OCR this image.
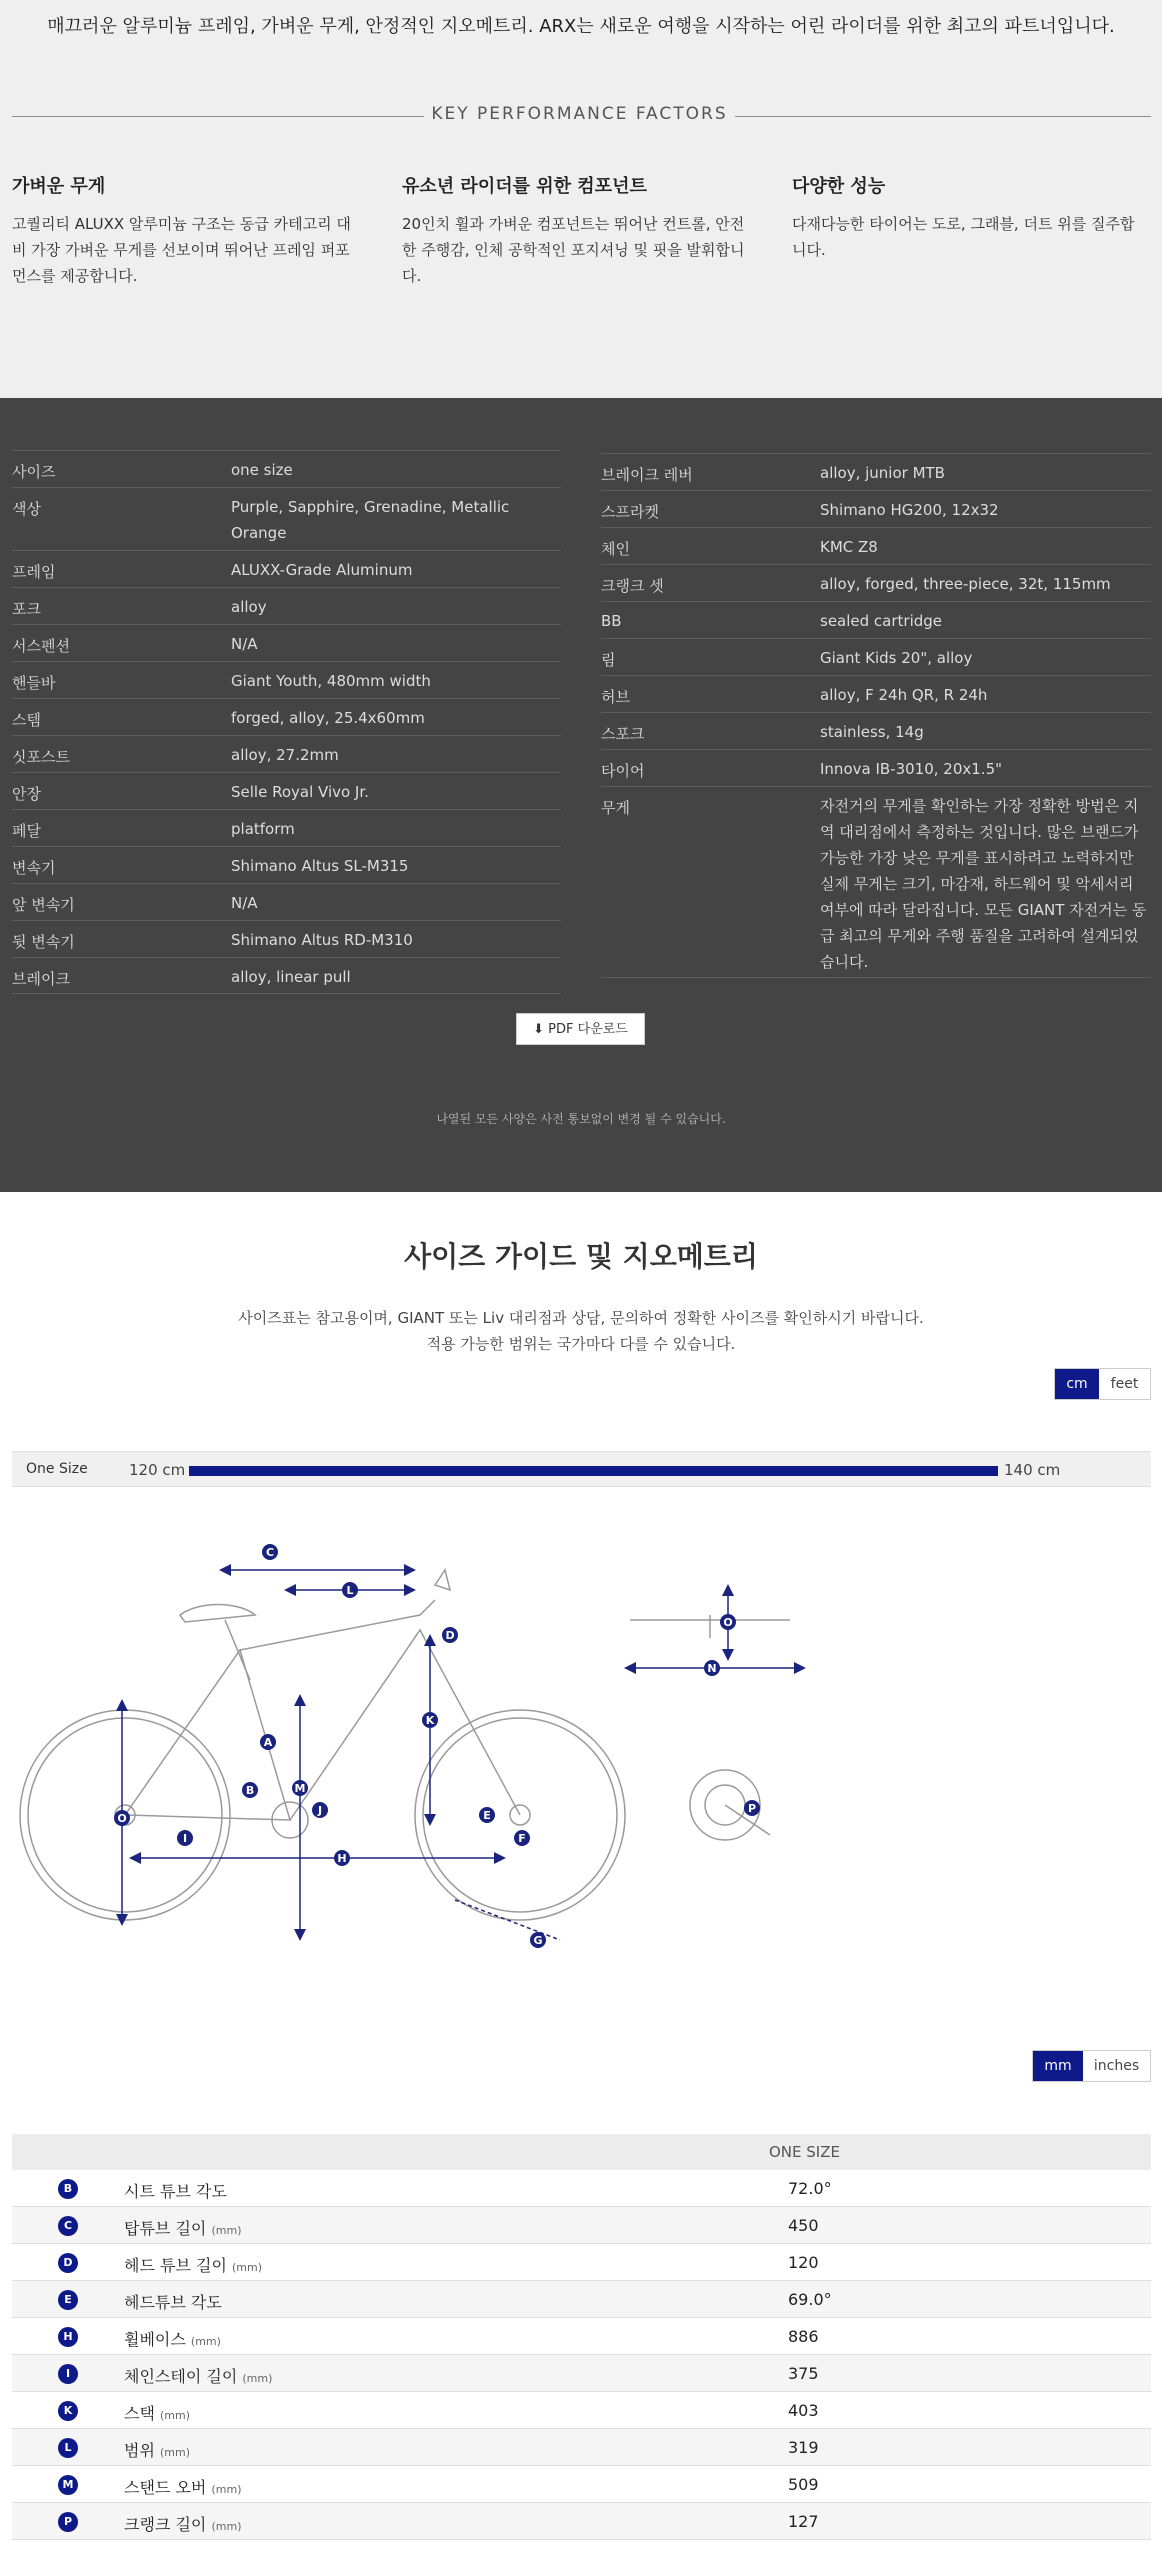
매끄러운 알루미늄 프레임, 가벼운 무게, 안정적인 지오메트리. ARX는 새로운 여행을 시작하는 어린 라이더를 위한 최고의 파트너입니다.
KEY PERFORMANCE FACTORS
가벼운 무게

고퀄리티 ALUXX 알루미늄 구조는 동급 카테고리 대비 가장 가벼운 무게를 선보이며 뛰어난 프레임 퍼포먼스를 제공합니다.

유소년 라이더를 위한 컴포넌트

20인치 휠과 가벼운 컴포넌트는 뛰어난 컨트롤, 안전한 주행감, 인체 공학적인 포지셔닝 및 핏을 발휘합니다.

다양한 성능

다재다능한 타이어는 도로, 그래블, 더트 위를 질주합니다.

사이즈	one size
색상	Purple, Sapphire, Grenadine, Metallic Orange
프레임	ALUXX-Grade Aluminum
포크	alloy
서스펜션	N/A
핸들바	Giant Youth, 480mm width
스템	forged, alloy, 25.4x60mm
싯포스트	alloy, 27.2mm
안장	Selle Royal Vivo Jr.
페달	platform
변속기	Shimano Altus SL-M315
앞 변속기	N/A
뒷 변속기	Shimano Altus RD-M310
브레이크	alloy, linear pull
브레이크 레버	alloy, junior MTB
스프라켓	Shimano HG200, 12x32
체인	KMC Z8
크랭크 셋	alloy, forged, three-piece, 32t, 115mm
BB	sealed cartridge
림	Giant Kids 20", alloy
허브	alloy, F 24h QR, R 24h
스포크	stainless, 14g
타이어	Innova IB-3010, 20x1.5"
무게	자전거의 무게를 확인하는 가장 정확한 방법은 지역 대리점에서 측정하는 것입니다. 많은 브랜드가 가능한 가장 낮은 무게를 표시하려고 노력하지만 실제 무게는 크기, 마감재, 하드웨어 및 악세서리 여부에 따라 달라집니다. 모든 GIANT 자전거는 동급 최고의 무게와 주행 품질을 고려하여 설계되었습니다.
⬇ PDF 다운로드
나열된 모든 사양은 사전 통보없이 변경 될 수 있습니다.
사이즈 가이드 및 지오메트리
사이즈표는 참고용이며, GIANT 또는 Liv 대리점과 상담, 문의하여 정확한 사이즈를 확인하시기 바랍니다.
적용 가능한 범위는 국가마다 다를 수 있습니다.
cm	feet
One Size	120 cm	140 cm
C
L
D
K
A
B	M
J	E
F
O
I
H
G
O
N
P
mm	inches
ONE SIZE
B	시트 튜브 각도	72.0°
C	탑튜브 길이 (mm)	450
D	헤드 튜브 길이 (mm)	120
E	헤드튜브 각도	69.0°
H	휠베이스 (mm)	886
I	체인스테이 길이 (mm)	375
K	스택 (mm)	403
L	범위 (mm)	319
M	스탠드 오버 (mm)	509
P	크랭크 길이 (mm)	127
